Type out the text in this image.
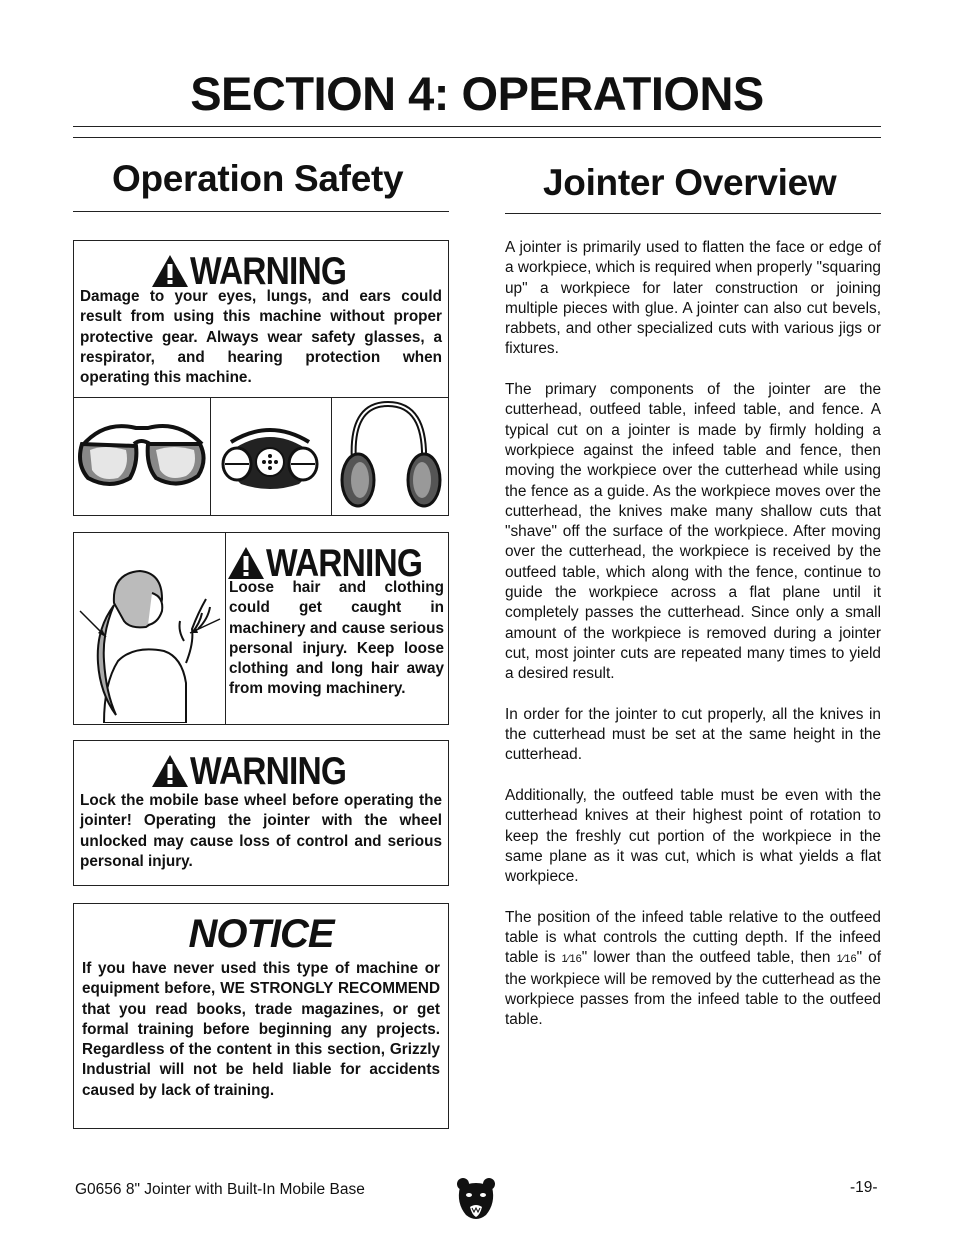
SECTION 4: OPERATIONS
Operation Safety	Jointer Overview
WARNING
Damage to your eyes, lungs, and ears could result from using this machine without proper protective gear. Always wear safety glasses, a respirator, and hearing protection when operating this machine.
WARNING
Loose hair and clothing could get caught in machinery and cause serious personal injury. Keep loose clothing and long hair away from moving machinery.
WARNING
Lock the mobile base wheel before operating the jointer! Operating the jointer with the wheel unlocked may cause loss of control and serious personal injury.
NOTICE
If you have never used this type of machine or equipment before, WE STRONGLY RECOMMEND that you read books, trade magazines, or get formal training before beginning any projects. Regardless of the content in this section, Grizzly Industrial will not be held liable for accidents caused by lack of training.

A jointer is primarily used to flatten the face or edge of a workpiece, which is required when properly "squaring up" a workpiece for later construction or joining multiple pieces with glue. A jointer can also cut bevels, rabbets, and other specialized cuts with various jigs or fixtures.

The primary components of the jointer are the cutterhead, outfeed table, infeed table, and fence. A typical cut on a jointer is made by firmly holding a workpiece against the infeed table and fence, then moving the workpiece over the cutterhead while using the fence as a guide. As the workpiece moves over the cutterhead, the knives make many shallow cuts that "shave" off the surface of the workpiece. After moving over the cutterhead, the workpiece is received by the outfeed table, which along with the fence, continue to guide the workpiece across a flat plane until it completely passes the cutterhead. Since only a small amount of the workpiece is removed during a jointer cut, most jointer cuts are repeated many times to yield a desired result.

In order for the jointer to cut properly, all the knives in the cutterhead must be set at the same height in the cutterhead.

Additionally, the outfeed table must be even with the cutterhead knives at their highest point of rotation to keep the freshly cut portion of the workpiece in the same plane as it was cut, which is what yields a flat workpiece.

The position of the infeed table relative to the outfeed table is what controls the cutting depth. If the infeed table is 1⁄16" lower than the outfeed table, then 1⁄16" of the workpiece will be removed by the cutterhead as the workpiece passes from the infeed table to the outfeed table.

G0656 8" Jointer with Built-In Mobile Base	-19-
